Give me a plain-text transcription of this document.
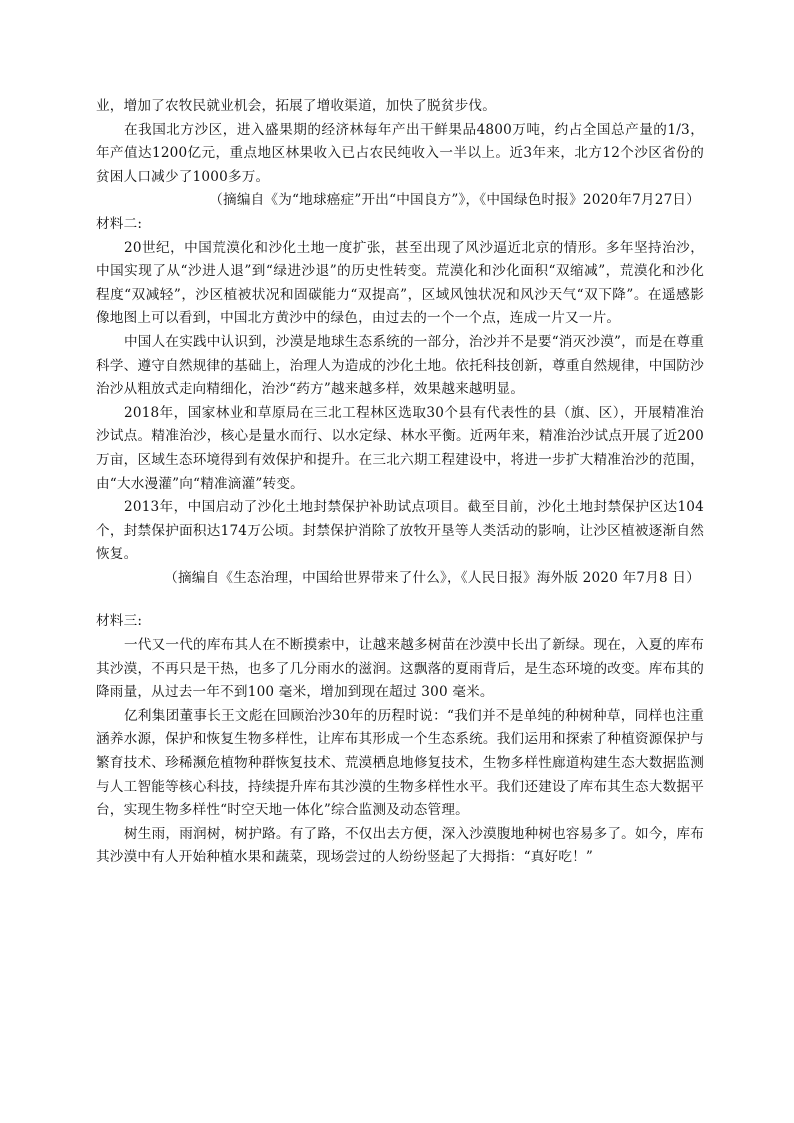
业，增加了农牧民就业机会，拓展了增收渠道，加快了脱贫步伐。

在我国北方沙区，进入盛果期的经济林每年产出干鲜果品4800万吨，约占全国总产量的1/3，年产值达1200亿元，重点地区林果收入已占农民纯收入一半以上。近3年来，北方12个沙区省份的贫困人口减少了1000多万。

（摘编自《为“地球癌症”开出“中国良方”》，《中国绿色时报》2020年7月27日）

材料二:

20世纪，中国荒漠化和沙化土地一度扩张，甚至出现了风沙逼近北京的情形。多年坚持治沙，中国实现了从“沙进人退”到“绿进沙退”的历史性转变。荒漠化和沙化面积“双缩减”，荒漠化和沙化程度“双减轻”，沙区植被状况和固碳能力“双提高”，区域风蚀状况和风沙天气“双下降”。在遥感影像地图上可以看到，中国北方黄沙中的绿色，由过去的一个一个点，连成一片又一片。

中国人在实践中认识到，沙漠是地球生态系统的一部分，治沙并不是要“消灭沙漠”，而是在尊重科学、遵守自然规律的基础上，治理人为造成的沙化土地。依托科技创新，尊重自然规律，中国防沙治沙从粗放式走向精细化，治沙“药方”越来越多样，效果越来越明显。

2018年，国家林业和草原局在三北工程林区选取30个县有代表性的县（旗、区），开展精准治沙试点。精准治沙，核心是量水而行、以水定绿、林水平衡。近两年来，精准治沙试点开展了近200万亩，区域生态环境得到有效保护和提升。在三北六期工程建设中，将进一步扩大精准治沙的范围，由“大水漫灌”向“精准滴灌”转变。

2013年，中国启动了沙化土地封禁保护补助试点项目。截至目前，沙化土地封禁保护区达104个，封禁保护面积达174万公顷。封禁保护消除了放牧开垦等人类活动的影响，让沙区植被逐渐自然恢复。

（摘编自《生态治理，中国给世界带来了什么》，《人民日报》海外版 2020 年7月8 日）

材料三:

一代又一代的库布其人在不断摸索中，让越来越多树苗在沙漠中长出了新绿。现在，入夏的库布其沙漠，不再只是干热，也多了几分雨水的滋润。这飘落的夏雨背后，是生态环境的改变。库布其的降雨量，从过去一年不到100 毫米，增加到现在超过 300 毫米。

亿利集团董事长王文彪在回顾治沙30年的历程时说：“我们并不是单纯的种树种草，同样也注重涵养水源，保护和恢复生物多样性，让库布其形成一个生态系统。我们运用和探索了种植资源保护与繁育技术、珍稀濒危植物种群恢复技术、荒漠栖息地修复技术，生物多样性廊道构建生态大数据监测与人工智能等核心科技，持续提升库布其沙漠的生物多样性水平。我们还建设了库布其生态大数据平台，实现生物多样性“时空天地一体化”综合监测及动态管理。

树生雨，雨润树，树护路。有了路，不仅出去方便，深入沙漠腹地种树也容易多了。如今，库布其沙漠中有人开始种植水果和蔬菜，现场尝过的人纷纷竖起了大拇指：“真好吃！”
